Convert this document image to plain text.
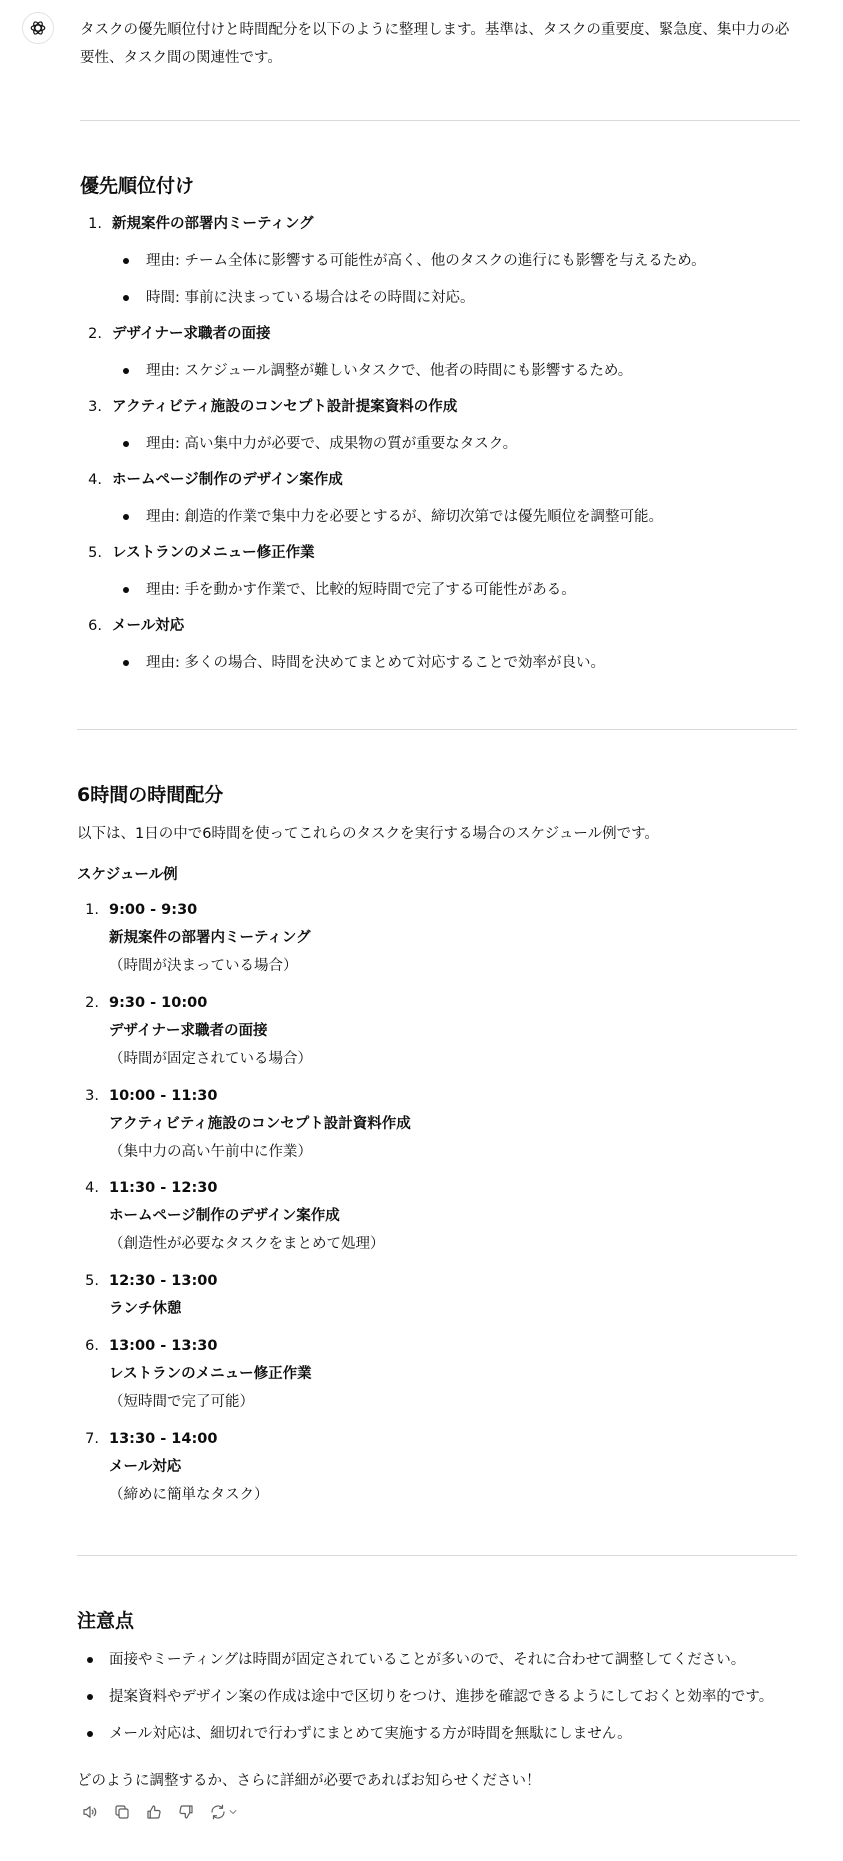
タスクの優先順位付けと時間配分を以下のように整理します。基準は、タスクの重要度、緊急度、集中力の必要性、タスク間の関連性です。
優先順位付け
1. 新規案件の部署内ミーティング
理由: チーム全体に影響する可能性が高く、他のタスクの進行にも影響を与えるため。
時間: 事前に決まっている場合はその時間に対応。
2. デザイナー求職者の面接
理由: スケジュール調整が難しいタスクで、他者の時間にも影響するため。
3. アクティビティ施設のコンセプト設計提案資料の作成
理由: 高い集中力が必要で、成果物の質が重要なタスク。
4. ホームページ制作のデザイン案作成
理由: 創造的作業で集中力を必要とするが、締切次第では優先順位を調整可能。
5. レストランのメニュー修正作業
理由: 手を動かす作業で、比較的短時間で完了する可能性がある。
6. メール対応
理由: 多くの場合、時間を決めてまとめて対応することで効率が良い。
6時間の時間配分
以下は、1日の中で6時間を使ってこれらのタスクを実行する場合のスケジュール例です。
スケジュール例
1. 9:00 - 9:30
新規案件の部署内ミーティング
（時間が決まっている場合）
2. 9:30 - 10:00
デザイナー求職者の面接
（時間が固定されている場合）
3. 10:00 - 11:30
アクティビティ施設のコンセプト設計資料作成
（集中力の高い午前中に作業）
4. 11:30 - 12:30
ホームページ制作のデザイン案作成
（創造性が必要なタスクをまとめて処理）
5. 12:30 - 13:00
ランチ休憩
6. 13:00 - 13:30
レストランのメニュー修正作業
（短時間で完了可能）
7. 13:30 - 14:00
メール対応
（締めに簡単なタスク）
注意点
面接やミーティングは時間が固定されていることが多いので、それに合わせて調整してください。
提案資料やデザイン案の作成は途中で区切りをつけ、進捗を確認できるようにしておくと効率的です。
メール対応は、細切れで行わずにまとめて実施する方が時間を無駄にしません。
どのように調整するか、さらに詳細が必要であればお知らせください！
